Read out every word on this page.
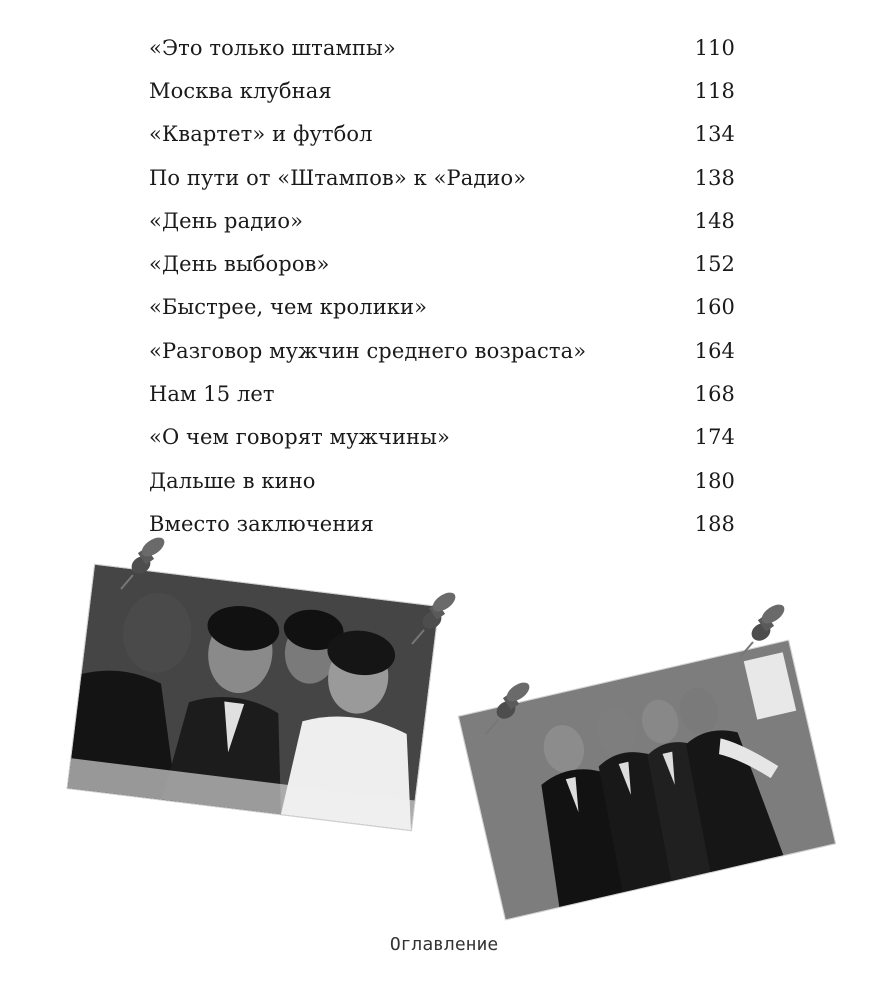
«Это только штампы»	110
Москва клубная	118
«Квартет» и футбол	134
По пути от «Штампов» к «Радио»	138
«День радио»	148
«День выборов»	152
«Быстрее, чем кролики»	160
«Разговор мужчин среднего возраста»	164
Нам 15 лет	168
«О чем говорят мужчины»	174
Дальше в кино	180
Вместо заключения	188
Оглавление
